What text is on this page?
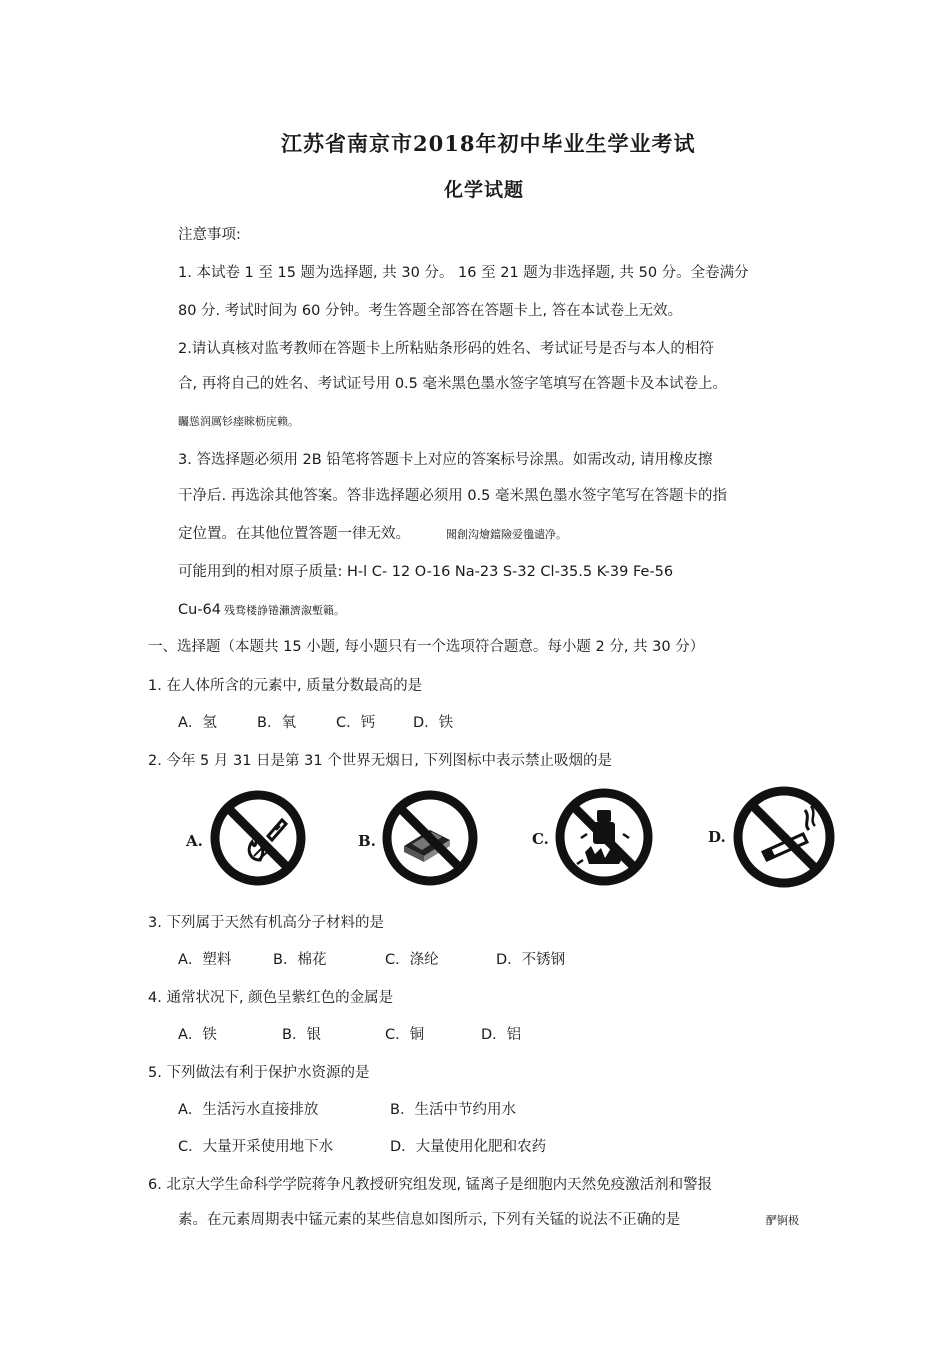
江苏省南京市2018年初中毕业生学业考试
化学试题
注意事项:
1. 本试卷 1 至 15 题为选择题, 共 30 分。 16 至 21 题为非选择题, 共 50 分。全卷满分
80 分. 考试时间为 60 分钟。考生答题全部答在答题卡上, 答在本试卷上无效。
2.请认真核对监考教师在答题卡上所粘贴条形码的姓名、考试证号是否与本人的相符
合, 再将自己的姓名、考试证号用 0.5 毫米黑色墨水签字笔填写在答题卡及本试卷上。
矚慫润厲钐瘗睞枥庑赖。
3. 答选择题必须用 2B 铅笔将答题卡上对应的答案标号涂黑。如需改动, 请用橡皮擦
干净后. 再选涂其他答案。答非选择题必须用 0.5 毫米黑色墨水签字笔写在答题卡的指
定位置。在其他位置答题一律无效。	聞創沟燴鐺險爱氇谴净。
可能用到的相对原子质量: H-l C- 12 O-16 Na-23 S-32 Cl-35.5 K-39 Fe-56
Cu-64 残骛楼諍锩瀨濟溆塹籟。
一、选择题（本题共 15 小题, 每小题只有一个选项符合题意。每小题 2 分, 共 30 分）
1. 在人体所含的元素中, 质量分数最高的是
A．氢	B．氧	C．钙	D．铁
2. 今年 5 月 31 日是第 31 个世界无烟日, 下列图标中表示禁止吸烟的是
A.	B.	C.	D.
3. 下列属于天然有机高分子材料的是
A．塑料	B．棉花	C．涤纶	D．不锈钢
4. 通常状况下, 颜色呈紫红色的金属是
A．铁	B．银	C．铜	D．铝
5. 下列做法有利于保护水资源的是
A．生活污水直接排放	B．生活中节约用水
C．大量开采使用地下水	D．大量使用化肥和农药
6. 北京大学生命科学学院蒋争凡教授研究组发现, 锰离子是细胞内天然免疫激活剂和警报
素。在元素周期表中锰元素的某些信息如图所示, 下列有关锰的说法不正确的是	酽锕极
